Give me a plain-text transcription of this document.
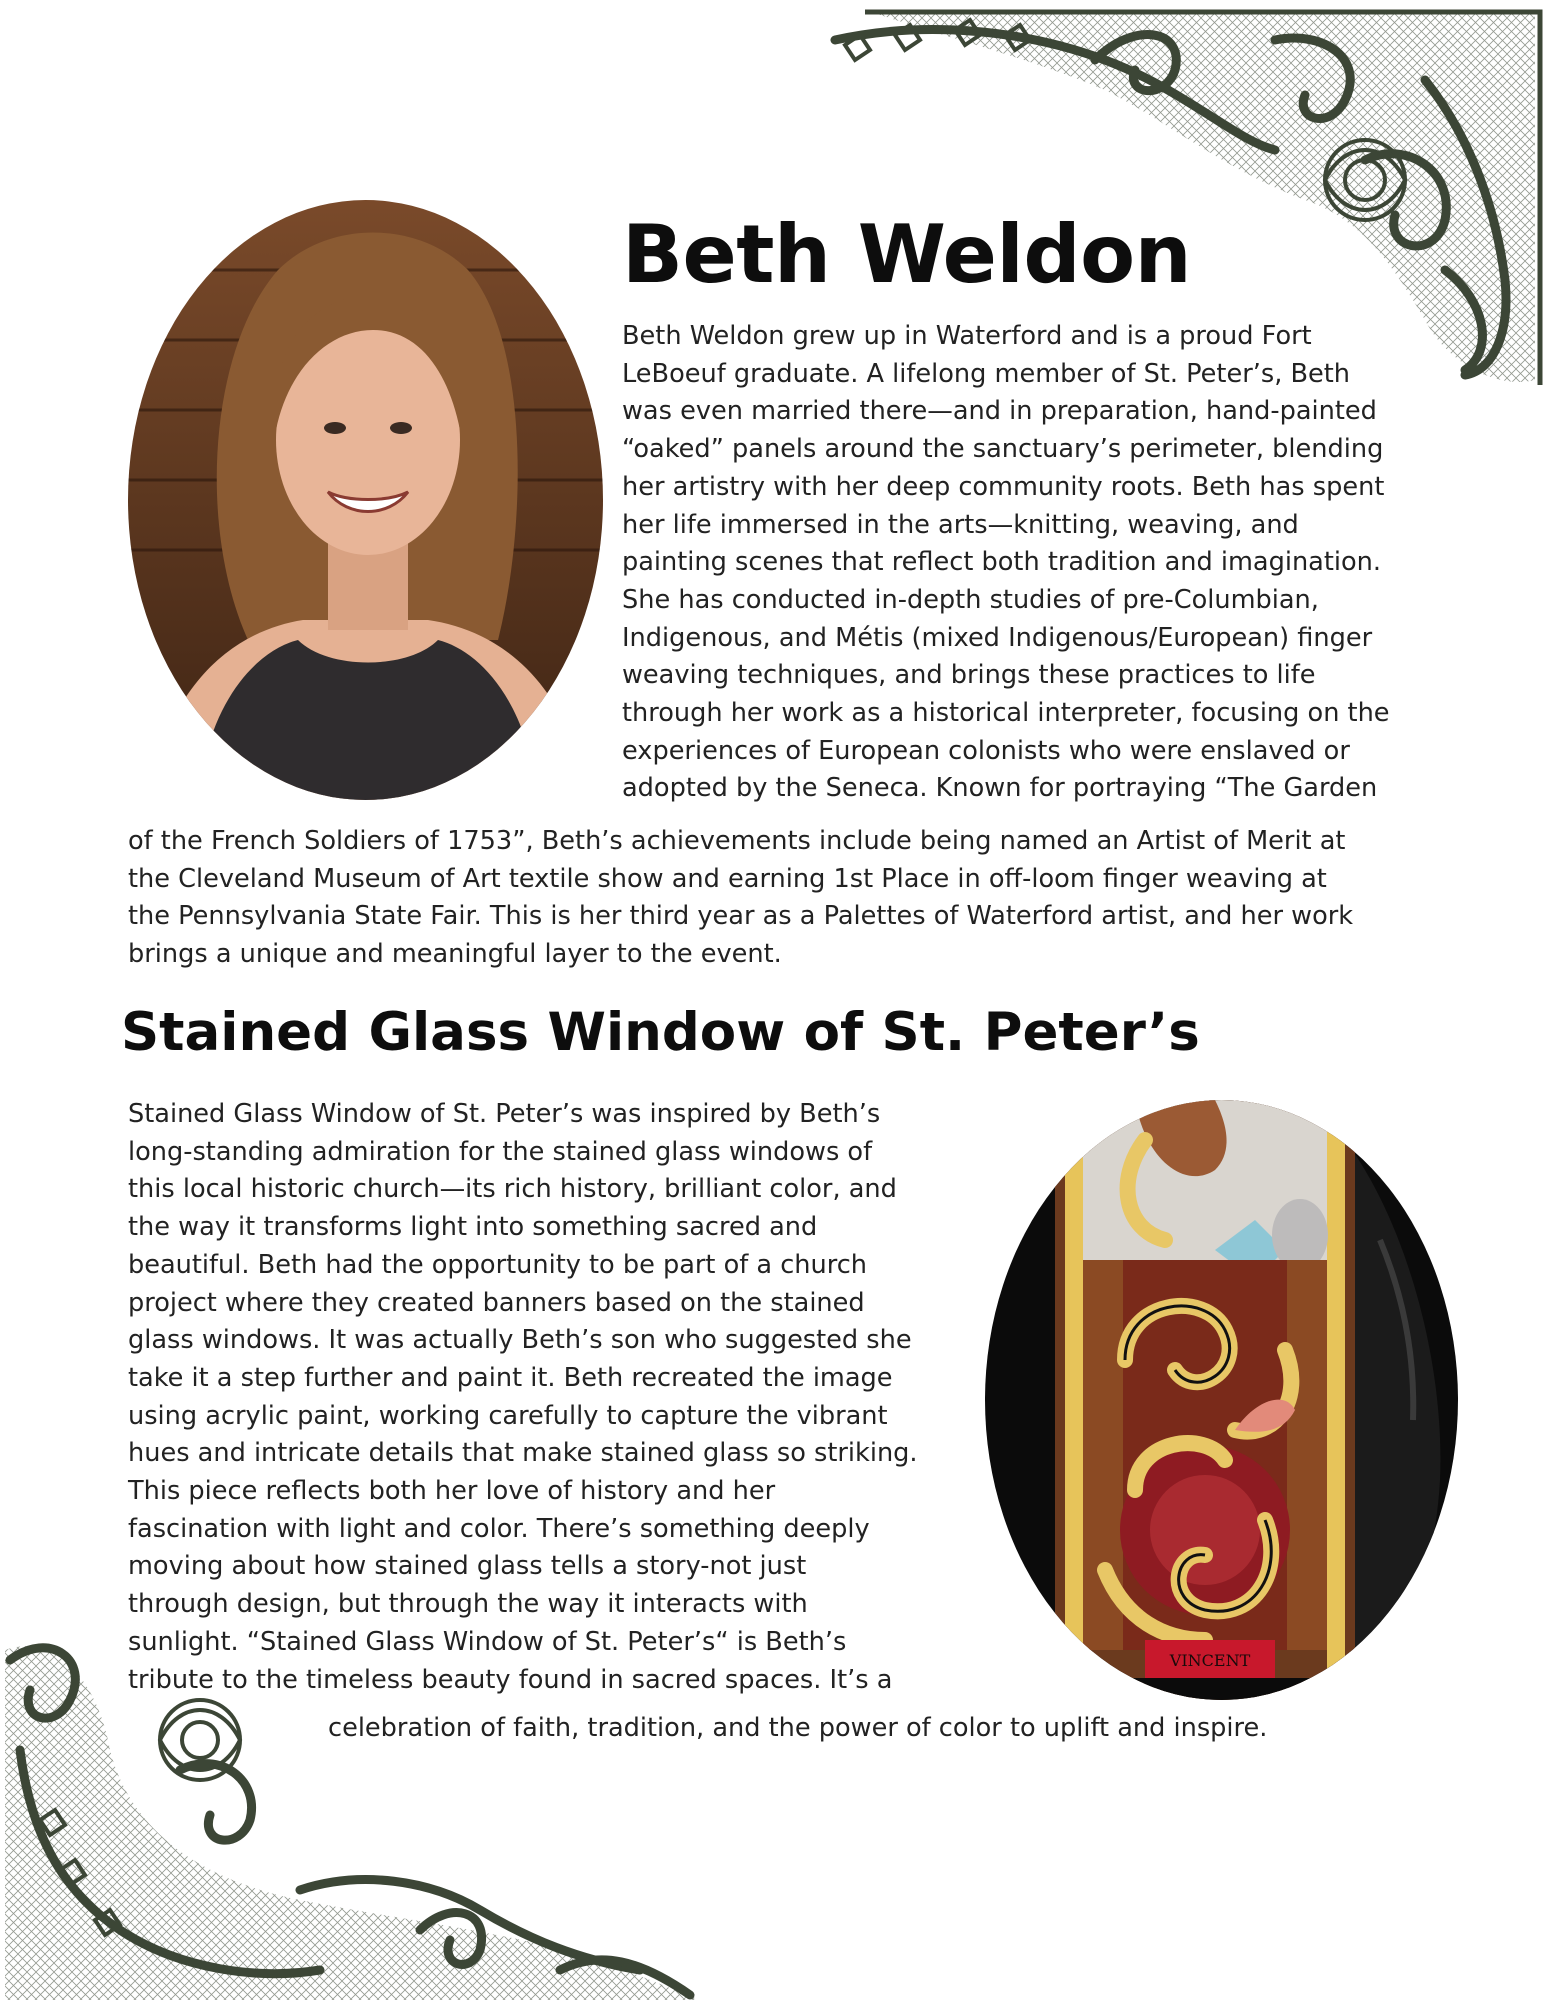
Beth Weldon
Beth Weldon grew up in Waterford and is a proud Fort
LeBoeuf graduate. A lifelong member of St. Peter’s, Beth
was even married there—and in preparation, hand-painted
“oaked” panels around the sanctuary’s perimeter, blending
her artistry with her deep community roots. Beth has spent
her life immersed in the arts—knitting, weaving, and
painting scenes that reflect both tradition and imagination.
She has conducted in-depth studies of pre-Columbian,
Indigenous, and Métis (mixed Indigenous/European) finger
weaving techniques, and brings these practices to life
through her work as a historical interpreter, focusing on the
experiences of European colonists who were enslaved or
adopted by the Seneca. Known for portraying “The Garden
of the French Soldiers of 1753”, Beth’s achievements include being named an Artist of Merit at
the Cleveland Museum of Art textile show and earning 1st Place in off-loom finger weaving at
the Pennsylvania State Fair. This is her third year as a Palettes of Waterford artist, and her work
brings a unique and meaningful layer to the event.
Stained Glass Window of St. Peter’s
Stained Glass Window of St. Peter’s was inspired by Beth’s
long-standing admiration for the stained glass windows of
this local historic church—its rich history, brilliant color, and
the way it transforms light into something sacred and
beautiful. Beth had the opportunity to be part of a church
project where they created banners based on the stained
glass windows. It was actually Beth’s son who suggested she
take it a step further and paint it. Beth recreated the image
using acrylic paint, working carefully to capture the vibrant
hues and intricate details that make stained glass so striking.
This piece reflects both her love of history and her
fascination with light and color. There’s something deeply
moving about how stained glass tells a story-not just
through design, but through the way it interacts with
sunlight. “Stained Glass Window of St. Peter’s“ is Beth’s
tribute to the timeless beauty found in sacred spaces. It’s a
celebration of faith, tradition, and the power of color to uplift and inspire.
VINCENT
